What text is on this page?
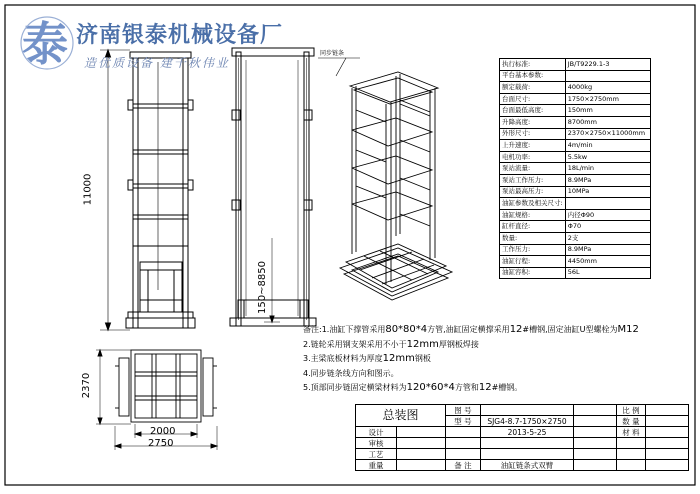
泰 济南银泰机械设备厂
造优质设备 建千秋伟业
11000
150~8850
2370
2000
2750
同步链条
执行标准:	JB/T9229.1-3
平台基本参数:	
额定载荷:	4000kg
台面尺寸:	1750×2750mm
台面最低高度:	150mm
升降高度:	8700mm
外形尺寸:	2370×2750×11000mm
上升速度:	4m/min
电机功率:	5.5kw
泵站流量:	18L/min
泵站工作压力:	8.9MPa
泵站最高压力:	10MPa
油缸参数及相关尺寸:	
油缸规格:	内径Φ90
缸杆直径:	Φ70
数量:	2支
工作压力:	8.9MPa
油缸行程:	4450mm
油缸容积:	56L
备注:1.油缸下撑管采用80*80*4方管,油缸固定横撑采用12#槽钢,固定油缸U型螺栓为M12
2.链轮采用钢支架采用不小于12mm厚钢板焊接
3.主梁底板材料为厚度12mm钢板
4.同步链条线方向和图示。
5.顶部同步链固定横梁材料为120*60*4方管和12#槽钢。
总装图		图 号			比 例	
		型 号	SJG4-8.7-1750×2750		数 量	
设计			2013-5-25		材 料	
审核						
工艺						
重量		备 注	油缸链条式双臂			
